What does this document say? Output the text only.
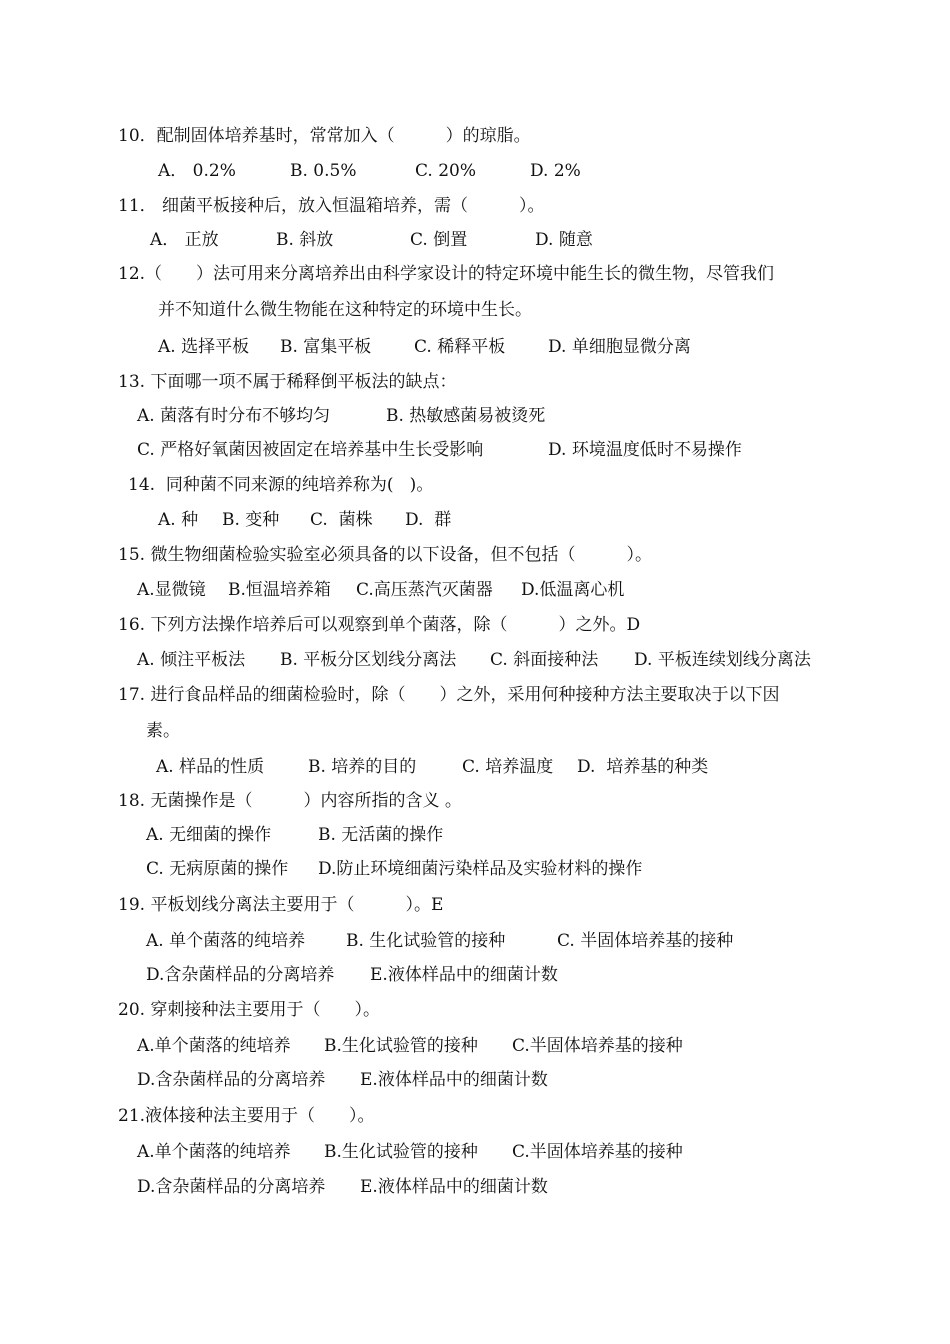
10．配制固体培养基时，常常加入（　　　）的琼脂。
A． 0.2%	B. 0.5%	C. 20%	D. 2%
11． 细菌平板接种后，放入恒温箱培养，需（　　　）。
A． 正放	B. 斜放	C. 倒置	D. 随意
12.（　　）法可用来分离培养出由科学家设计的特定环境中能生长的微生物，尽管我们
并不知道什么微生物能在这种特定的环境中生长。
A. 选择平板 B. 富集平板	C. 稀释平板	D. 单细胞显微分离
13. 下面哪一项不属于稀释倒平板法的缺点：
A. 菌落有时分布不够均匀	B. 热敏感菌易被烫死
C. 严格好氧菌因被固定在培养基中生长受影响	D. 环境温度低时不易操作
14.  同种菌不同来源的纯培养称为(   )。
A. 种 B. 变种 C.  菌株 D.  群
15. 微生物细菌检验实验室必须具备的以下设备，但不包括（　　　）。
A.显微镜 B.恒温培养箱 C.高压蒸汽灭菌器 D.低温离心机
16. 下列方法操作培养后可以观察到单个菌落，除（　　　）之外。D
A. 倾注平板法 B. 平板分区划线分离法 C. 斜面接种法 D. 平板连续划线分离法
17. 进行食品样品的细菌检验时，除（　　）之外，采用何种接种方法主要取决于以下因
素。
A. 样品的性质	B. 培养的目的	C. 培养温度 D.  培养基的种类
18. 无菌操作是（　　　）内容所指的含义 。
A. 无细菌的操作	B. 无活菌的操作
C. 无病原菌的操作 D.防止环境细菌污染样品及实验材料的操作
19. 平板划线分离法主要用于（　　　）。E
A. 单个菌落的纯培养 B. 生化试验管的接种	C. 半固体培养基的接种
D.含杂菌样品的分离培养 E.液体样品中的细菌计数
20. 穿刺接种法主要用于（　　）。
A.单个菌落的纯培养 B.生化试验管的接种 C.半固体培养基的接种
D.含杂菌样品的分离培养 E.液体样品中的细菌计数
21.液体接种法主要用于（　　）。
A.单个菌落的纯培养 B.生化试验管的接种 C.半固体培养基的接种
D.含杂菌样品的分离培养 E.液体样品中的细菌计数
